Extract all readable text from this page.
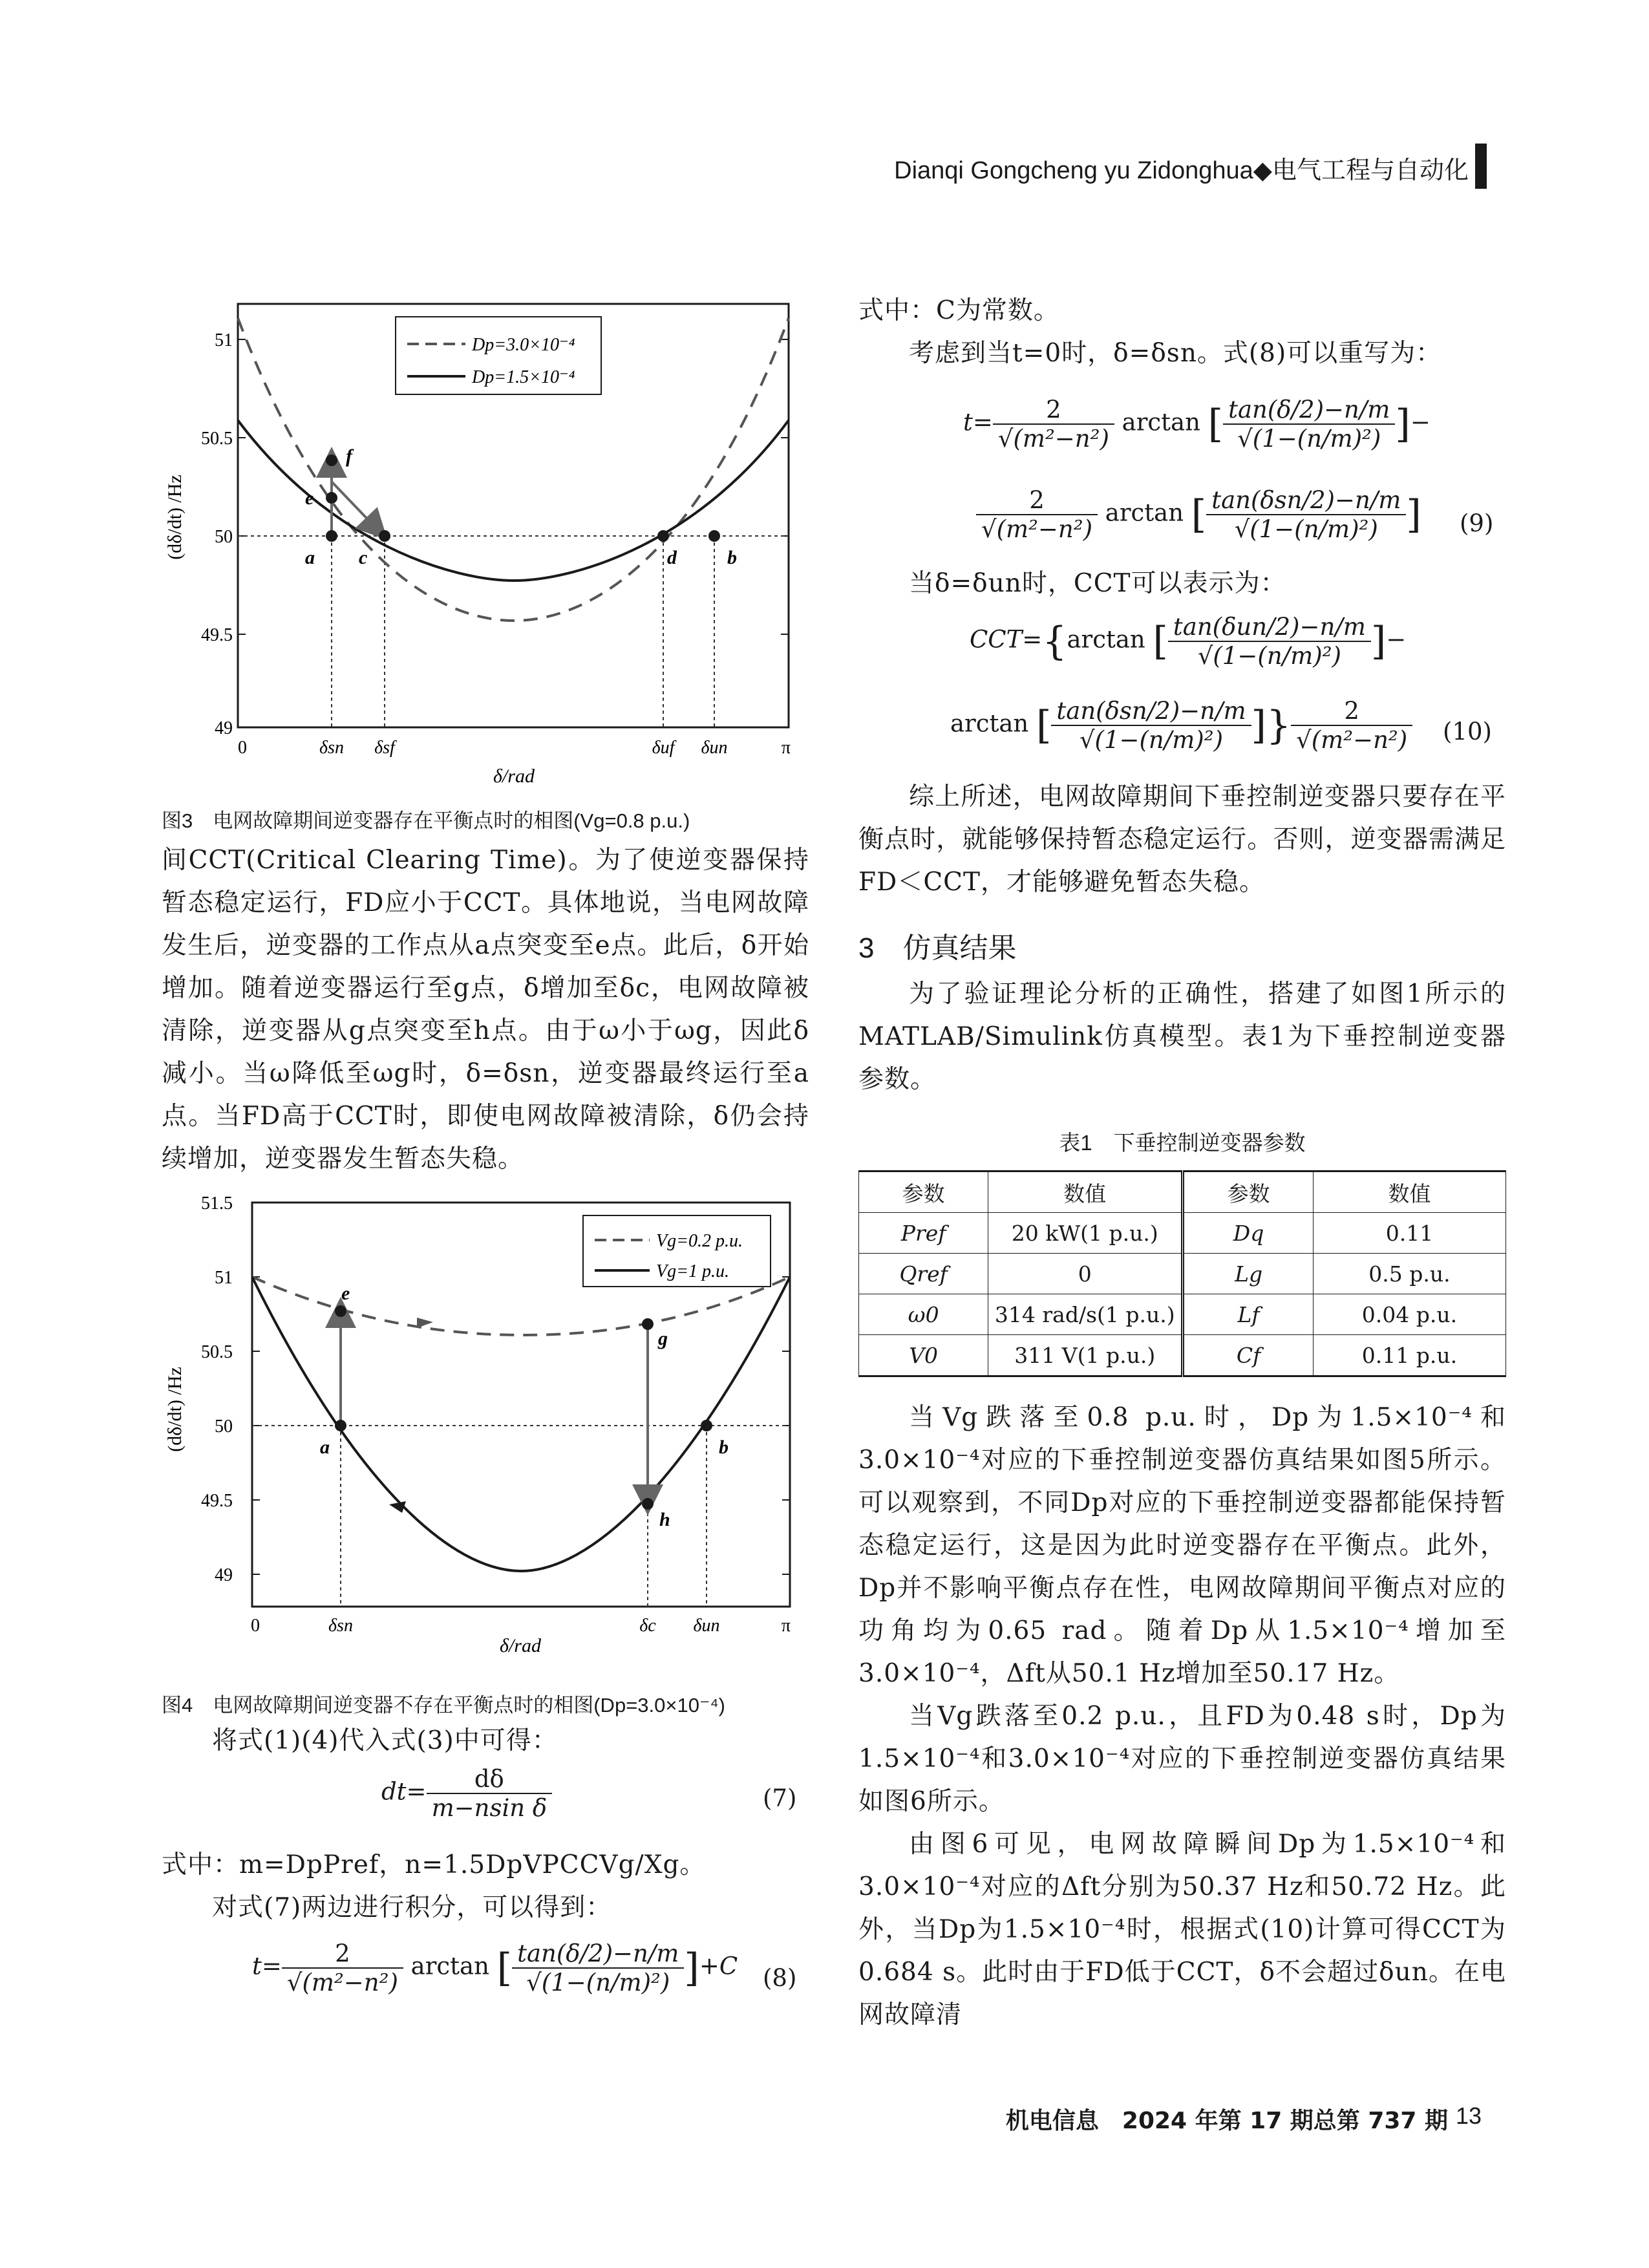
Dianqi Gongcheng yu Zidonghua◆电气工程与自动化
51
50.5
50
49.5
49
(dδ/dt) /Hz
0	δsn δsf	δuf δun	π
δ/rad
f
e
a c	d	b
Dp=3.0×10⁻⁴
Dp=1.5×10⁻⁴
图3　电网故障期间逆变器存在平衡点时的相图(Vg=0.8 p.u.)

间CCT(Critical Clearing Time)。为了使逆变器保持暂态稳定运行，FD应小于CCT。具体地说，当电网故障发生后，逆变器的工作点从a点突变至e点。此后，δ开始增加。随着逆变器运行至g点，δ增加至δc，电网故障被清除，逆变器从g点突变至h点。由于ω小于ωg，因此δ减小。当ω降低至ωg时，δ=δsn，逆变器最终运行至a点。当FD高于CCT时，即使电网故障被清除，δ仍会持续增加，逆变器发生暂态失稳。

51.5
51
50.5
50
49.5
49
(dδ/dt) /Hz
0	δsn	δc δun	π
δ/rad
e
g
a	b
h
Vg=0.2 p.u.
Vg=1 p.u.
图4　电网故障期间逆变器不存在平衡点时的相图(Dp=3.0×10⁻⁴)

将式(1)(4)代入式(3)中可得：

$dt= \frac{d\delta}{\text{m−nsin δ}}$	(7)

式中：m=DpPref，n=1.5DpVPCCVg/Xg。

对式(7)两边进行积分，可以得到：

$t= \frac{2}{\text{√(m²−n²)}}$ arctan [ $\frac{\tan(\delta/2)-n/m}{\text{√(1−(n/m)²)}} ]+C$ (8)

式中：C为常数。

考虑到当t=0时，δ=δsn。式(8)可以重写为：

$t= \frac{2}{\text{√(m²−n²)}}$ arctan [ $\frac{\tan(\delta/2)-n/m}{\text{√(1−(n/m)²)}}$ ]−
$\frac{2}{\text{√(m²−n²)}}$ arctan [ $\frac{\text{tan(δsn/2)−n/m}}{\text{√(1−(n/m)²)}}$ ] (9)

当δ=δun时，CCT可以表示为：

CCT={arctan [ $\frac{\text{tan(δun/2)−n/m}}{\text{√(1−(n/m)²)}}$ ]−
arctan [ $\frac{\text{tan(δsn/2)−n/m}}{\text{√(1−(n/m)²)}}$ ]} $\frac{2}{\text{√(m²−n²)}} (10)$

综上所述，电网故障期间下垂控制逆变器只要存在平衡点时，就能够保持暂态稳定运行。否则，逆变器需满足FD＜CCT，才能够避免暂态失稳。

3　仿真结果

为了验证理论分析的正确性，搭建了如图1所示的MATLAB/Simulink仿真模型。表1为下垂控制逆变器参数。

表1　下垂控制逆变器参数
参数	数值	参数	数值
Pref	20 kW(1 p.u.)	Dq	0.11
Qref	0	Lg	0.5 p.u.
ω0	314 rad/s(1 p.u.)	Lf	0.04 p.u.
V0	311 V(1 p.u.)	Cf	0.11 p.u.

当Vg跌落至0.8 p.u.时，Dp为1.5×10⁻⁴和3.0×10⁻⁴对应的下垂控制逆变器仿真结果如图5所示。可以观察到，不同Dp对应的下垂控制逆变器都能保持暂态稳定运行，这是因为此时逆变器存在平衡点。此外，Dp并不影响平衡点存在性，电网故障期间平衡点对应的功角均为0.65 rad。随着Dp从1.5×10⁻⁴增加至3.0×10⁻⁴，Δft从50.1 Hz增加至50.17 Hz。

当Vg跌落至0.2 p.u.，且FD为0.48 s时，Dp为1.5×10⁻⁴和3.0×10⁻⁴对应的下垂控制逆变器仿真结果如图6所示。

由图6可见，电网故障瞬间Dp为1.5×10⁻⁴和3.0×10⁻⁴对应的Δft分别为50.37 Hz和50.72 Hz。此外，当Dp为1.5×10⁻⁴时，根据式(10)计算可得CCT为0.684 s。此时由于FD低于CCT，δ不会超过δun。在电网故障清

机电信息　2024 年第 17 期总第 737 期 13
